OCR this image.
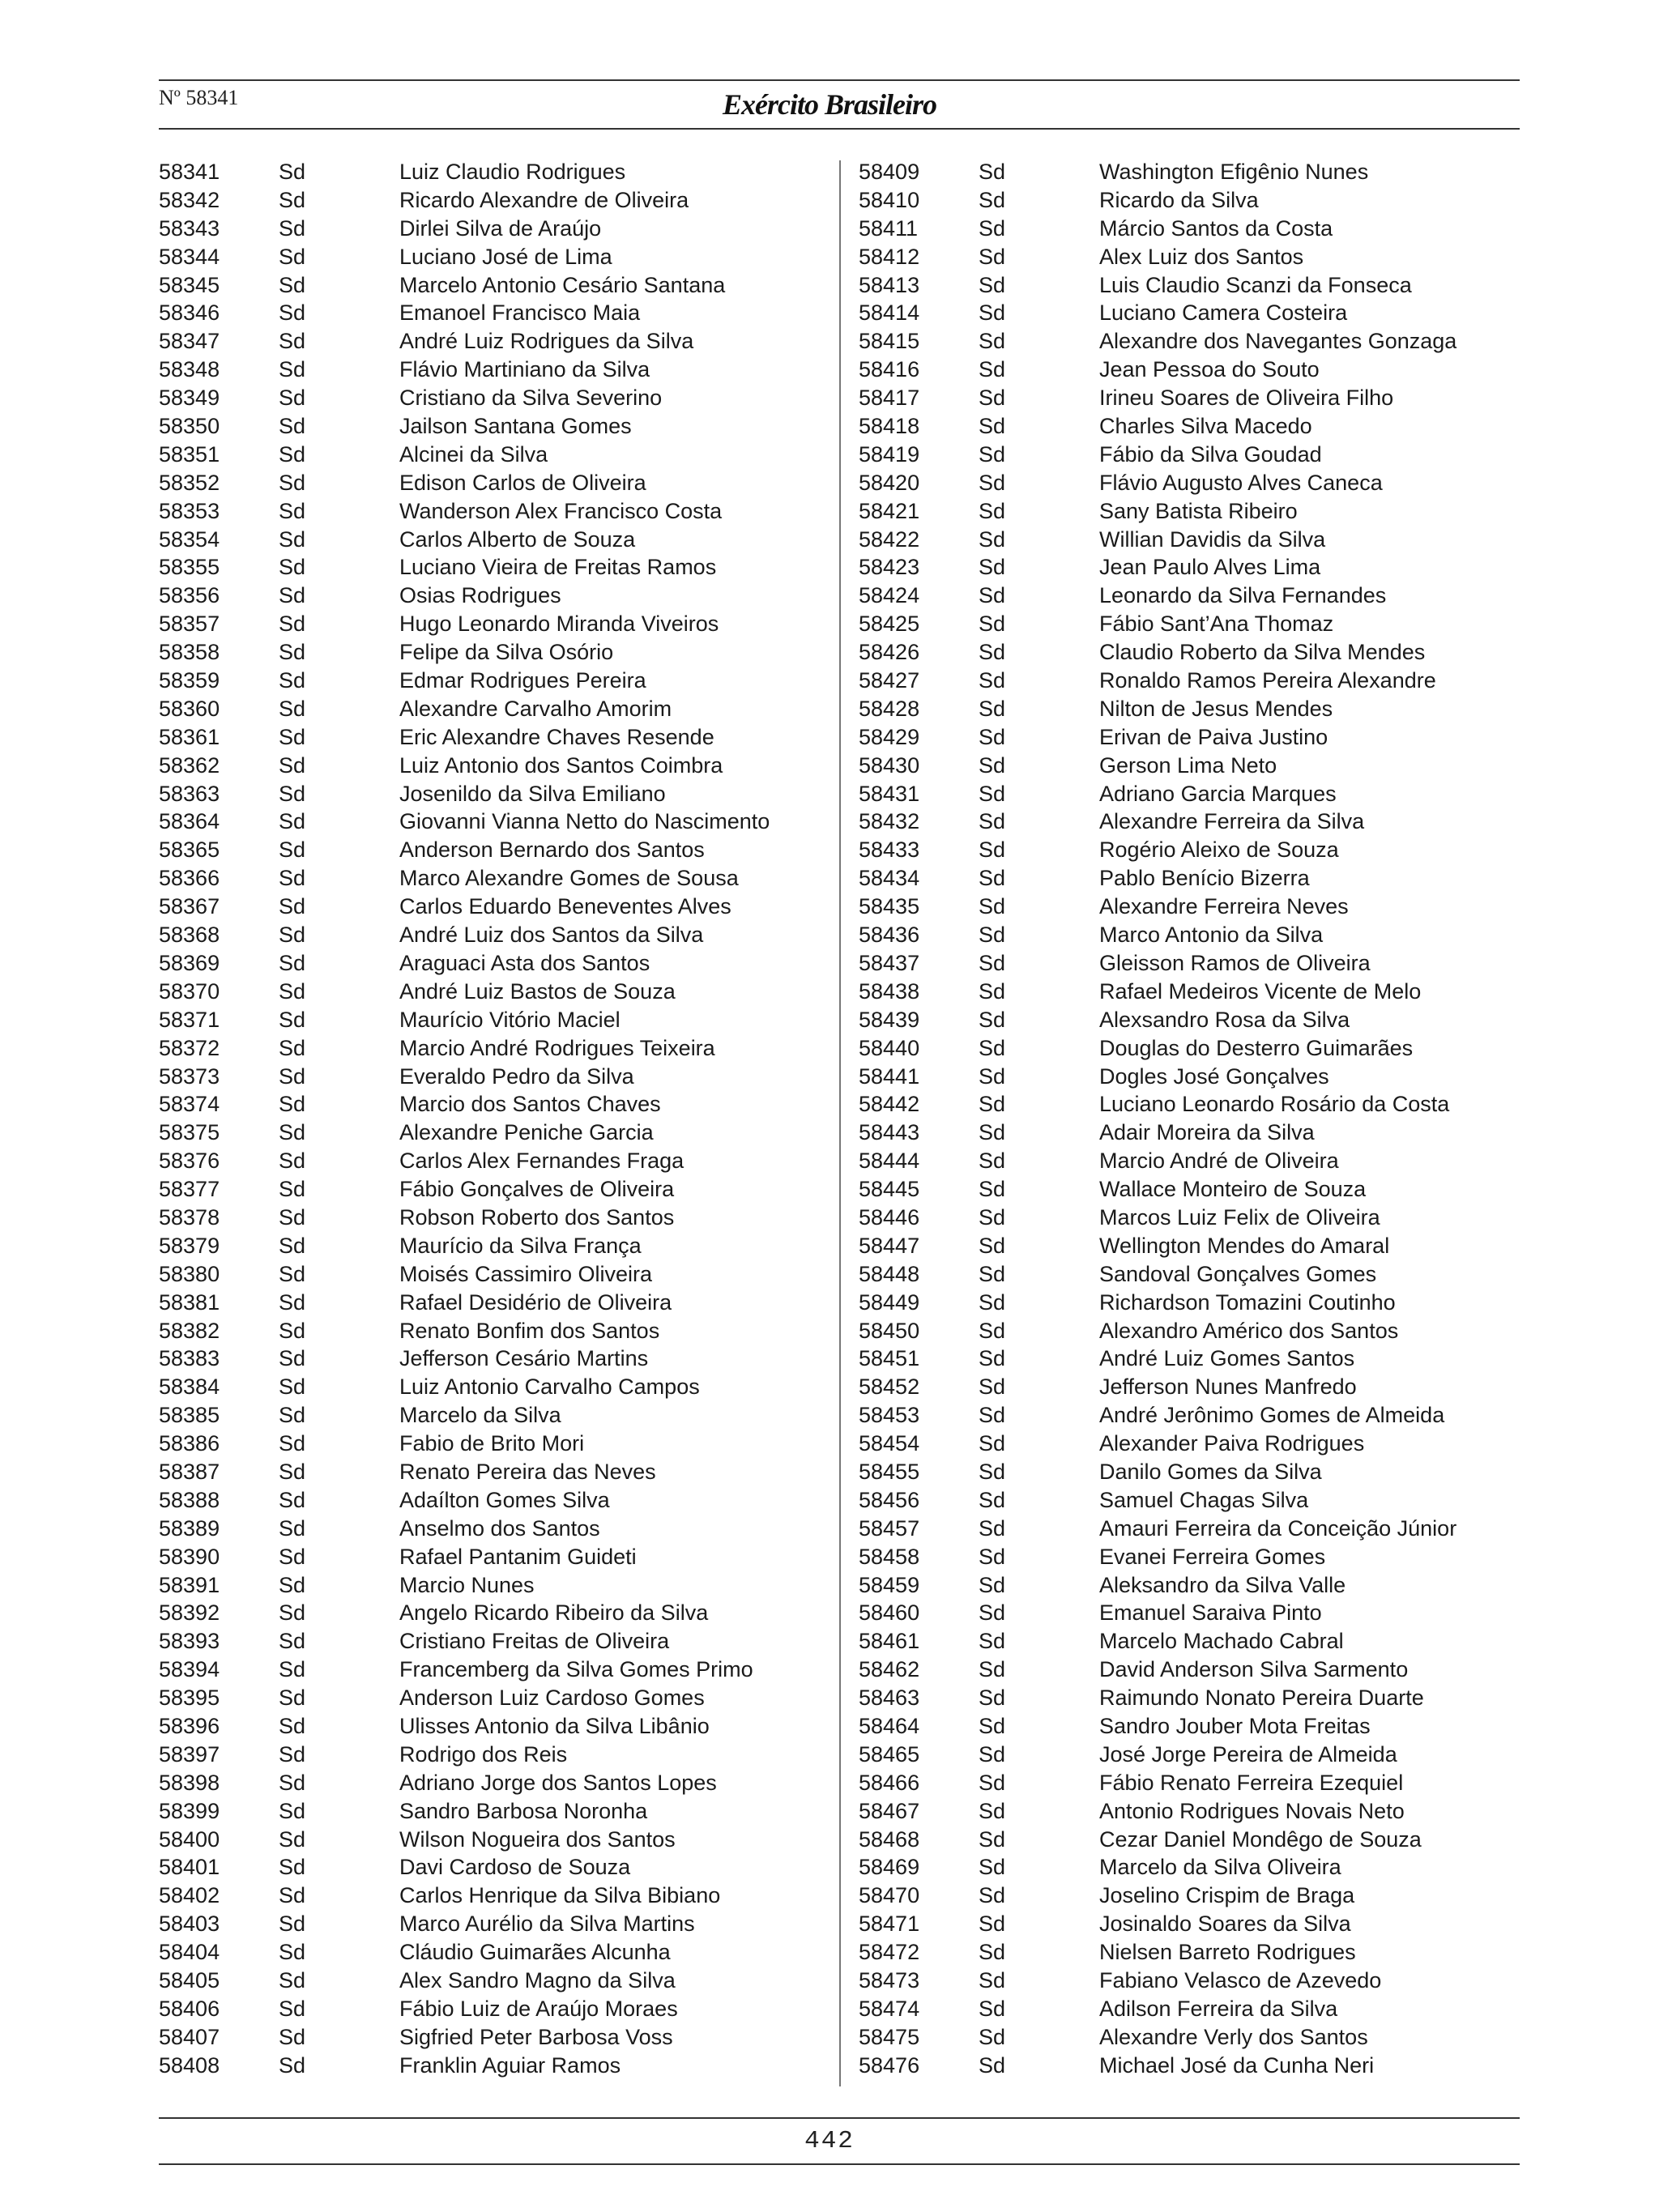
Nº 58341	Exército Brasileiro
58341	Sd	Luiz Claudio Rodrigues
58342	Sd	Ricardo Alexandre de Oliveira
58343	Sd	Dirlei Silva de Araújo
58344	Sd	Luciano José de Lima
58345	Sd	Marcelo Antonio Cesário Santana
58346	Sd	Emanoel Francisco Maia
58347	Sd	André Luiz Rodrigues da Silva
58348	Sd	Flávio Martiniano da Silva
58349	Sd	Cristiano da Silva Severino
58350	Sd	Jailson Santana Gomes
58351	Sd	Alcinei da Silva
58352	Sd	Edison Carlos de Oliveira
58353	Sd	Wanderson Alex Francisco Costa
58354	Sd	Carlos Alberto de Souza
58355	Sd	Luciano Vieira de Freitas Ramos
58356	Sd	Osias Rodrigues
58357	Sd	Hugo Leonardo Miranda Viveiros
58358	Sd	Felipe da Silva Osório
58359	Sd	Edmar Rodrigues Pereira
58360	Sd	Alexandre Carvalho Amorim
58361	Sd	Eric Alexandre Chaves Resende
58362	Sd	Luiz Antonio dos Santos Coimbra
58363	Sd	Josenildo da Silva Emiliano
58364	Sd	Giovanni Vianna Netto do Nascimento
58365	Sd	Anderson Bernardo dos Santos
58366	Sd	Marco Alexandre Gomes de Sousa
58367	Sd	Carlos Eduardo Beneventes Alves
58368	Sd	André Luiz dos Santos da Silva
58369	Sd	Araguaci Asta dos Santos
58370	Sd	André Luiz Bastos de Souza
58371	Sd	Maurício Vitório Maciel
58372	Sd	Marcio André Rodrigues Teixeira
58373	Sd	Everaldo Pedro da Silva
58374	Sd	Marcio dos Santos Chaves
58375	Sd	Alexandre Peniche Garcia
58376	Sd	Carlos Alex Fernandes Fraga
58377	Sd	Fábio Gonçalves de Oliveira
58378	Sd	Robson Roberto dos Santos
58379	Sd	Maurício da Silva França
58380	Sd	Moisés Cassimiro Oliveira
58381	Sd	Rafael Desidério de Oliveira
58382	Sd	Renato Bonfim dos Santos
58383	Sd	Jefferson Cesário Martins
58384	Sd	Luiz Antonio Carvalho Campos
58385	Sd	Marcelo da Silva
58386	Sd	Fabio de Brito Mori
58387	Sd	Renato Pereira das Neves
58388	Sd	Adaílton Gomes Silva
58389	Sd	Anselmo dos Santos
58390	Sd	Rafael Pantanim Guideti
58391	Sd	Marcio Nunes
58392	Sd	Angelo Ricardo Ribeiro da Silva
58393	Sd	Cristiano Freitas de Oliveira
58394	Sd	Francemberg da Silva Gomes Primo
58395	Sd	Anderson Luiz Cardoso Gomes
58396	Sd	Ulisses Antonio da Silva Libânio
58397	Sd	Rodrigo dos Reis
58398	Sd	Adriano Jorge dos Santos Lopes
58399	Sd	Sandro Barbosa Noronha
58400	Sd	Wilson Nogueira dos Santos
58401	Sd	Davi Cardoso de Souza
58402	Sd	Carlos Henrique da Silva Bibiano
58403	Sd	Marco Aurélio da Silva Martins
58404	Sd	Cláudio Guimarães Alcunha
58405	Sd	Alex Sandro Magno da Silva
58406	Sd	Fábio Luiz de Araújo Moraes
58407	Sd	Sigfried Peter Barbosa Voss
58408	Sd	Franklin Aguiar Ramos
58409	Sd	Washington Efigênio Nunes
58410	Sd	Ricardo da Silva
58411	Sd	Márcio Santos da Costa
58412	Sd	Alex Luiz dos Santos
58413	Sd	Luis Claudio Scanzi da Fonseca
58414	Sd	Luciano Camera Costeira
58415	Sd	Alexandre dos Navegantes Gonzaga
58416	Sd	Jean Pessoa do Souto
58417	Sd	Irineu Soares de Oliveira Filho
58418	Sd	Charles Silva Macedo
58419	Sd	Fábio da Silva Goudad
58420	Sd	Flávio Augusto Alves Caneca
58421	Sd	Sany Batista Ribeiro
58422	Sd	Willian Davidis da Silva
58423	Sd	Jean Paulo Alves Lima
58424	Sd	Leonardo da Silva Fernandes
58425	Sd	Fábio Sant’Ana Thomaz
58426	Sd	Claudio Roberto da Silva Mendes
58427	Sd	Ronaldo Ramos Pereira Alexandre
58428	Sd	Nilton de Jesus Mendes
58429	Sd	Erivan de Paiva Justino
58430	Sd	Gerson Lima Neto
58431	Sd	Adriano Garcia Marques
58432	Sd	Alexandre Ferreira da Silva
58433	Sd	Rogério Aleixo de Souza
58434	Sd	Pablo Benício Bizerra
58435	Sd	Alexandre Ferreira Neves
58436	Sd	Marco Antonio da Silva
58437	Sd	Gleisson Ramos de Oliveira
58438	Sd	Rafael Medeiros Vicente de Melo
58439	Sd	Alexsandro Rosa da Silva
58440	Sd	Douglas do Desterro Guimarães
58441	Sd	Dogles José Gonçalves
58442	Sd	Luciano Leonardo Rosário da Costa
58443	Sd	Adair Moreira da Silva
58444	Sd	Marcio André de Oliveira
58445	Sd	Wallace Monteiro de Souza
58446	Sd	Marcos Luiz Felix de Oliveira
58447	Sd	Wellington Mendes do Amaral
58448	Sd	Sandoval Gonçalves Gomes
58449	Sd	Richardson Tomazini Coutinho
58450	Sd	Alexandro Américo dos Santos
58451	Sd	André Luiz Gomes Santos
58452	Sd	Jefferson Nunes Manfredo
58453	Sd	André Jerônimo Gomes de Almeida
58454	Sd	Alexander Paiva Rodrigues
58455	Sd	Danilo Gomes da Silva
58456	Sd	Samuel Chagas Silva
58457	Sd	Amauri Ferreira da Conceição Júnior
58458	Sd	Evanei Ferreira Gomes
58459	Sd	Aleksandro da Silva Valle
58460	Sd	Emanuel Saraiva Pinto
58461	Sd	Marcelo Machado Cabral
58462	Sd	David Anderson Silva Sarmento
58463	Sd	Raimundo Nonato Pereira Duarte
58464	Sd	Sandro Jouber Mota Freitas
58465	Sd	José Jorge Pereira de Almeida
58466	Sd	Fábio Renato Ferreira Ezequiel
58467	Sd	Antonio Rodrigues Novais Neto
58468	Sd	Cezar Daniel Mondêgo de Souza
58469	Sd	Marcelo da Silva Oliveira
58470	Sd	Joselino Crispim de Braga
58471	Sd	Josinaldo Soares da Silva
58472	Sd	Nielsen Barreto Rodrigues
58473	Sd	Fabiano Velasco de Azevedo
58474	Sd	Adilson Ferreira da Silva
58475	Sd	Alexandre Verly dos Santos
58476	Sd	Michael José da Cunha Neri
442
